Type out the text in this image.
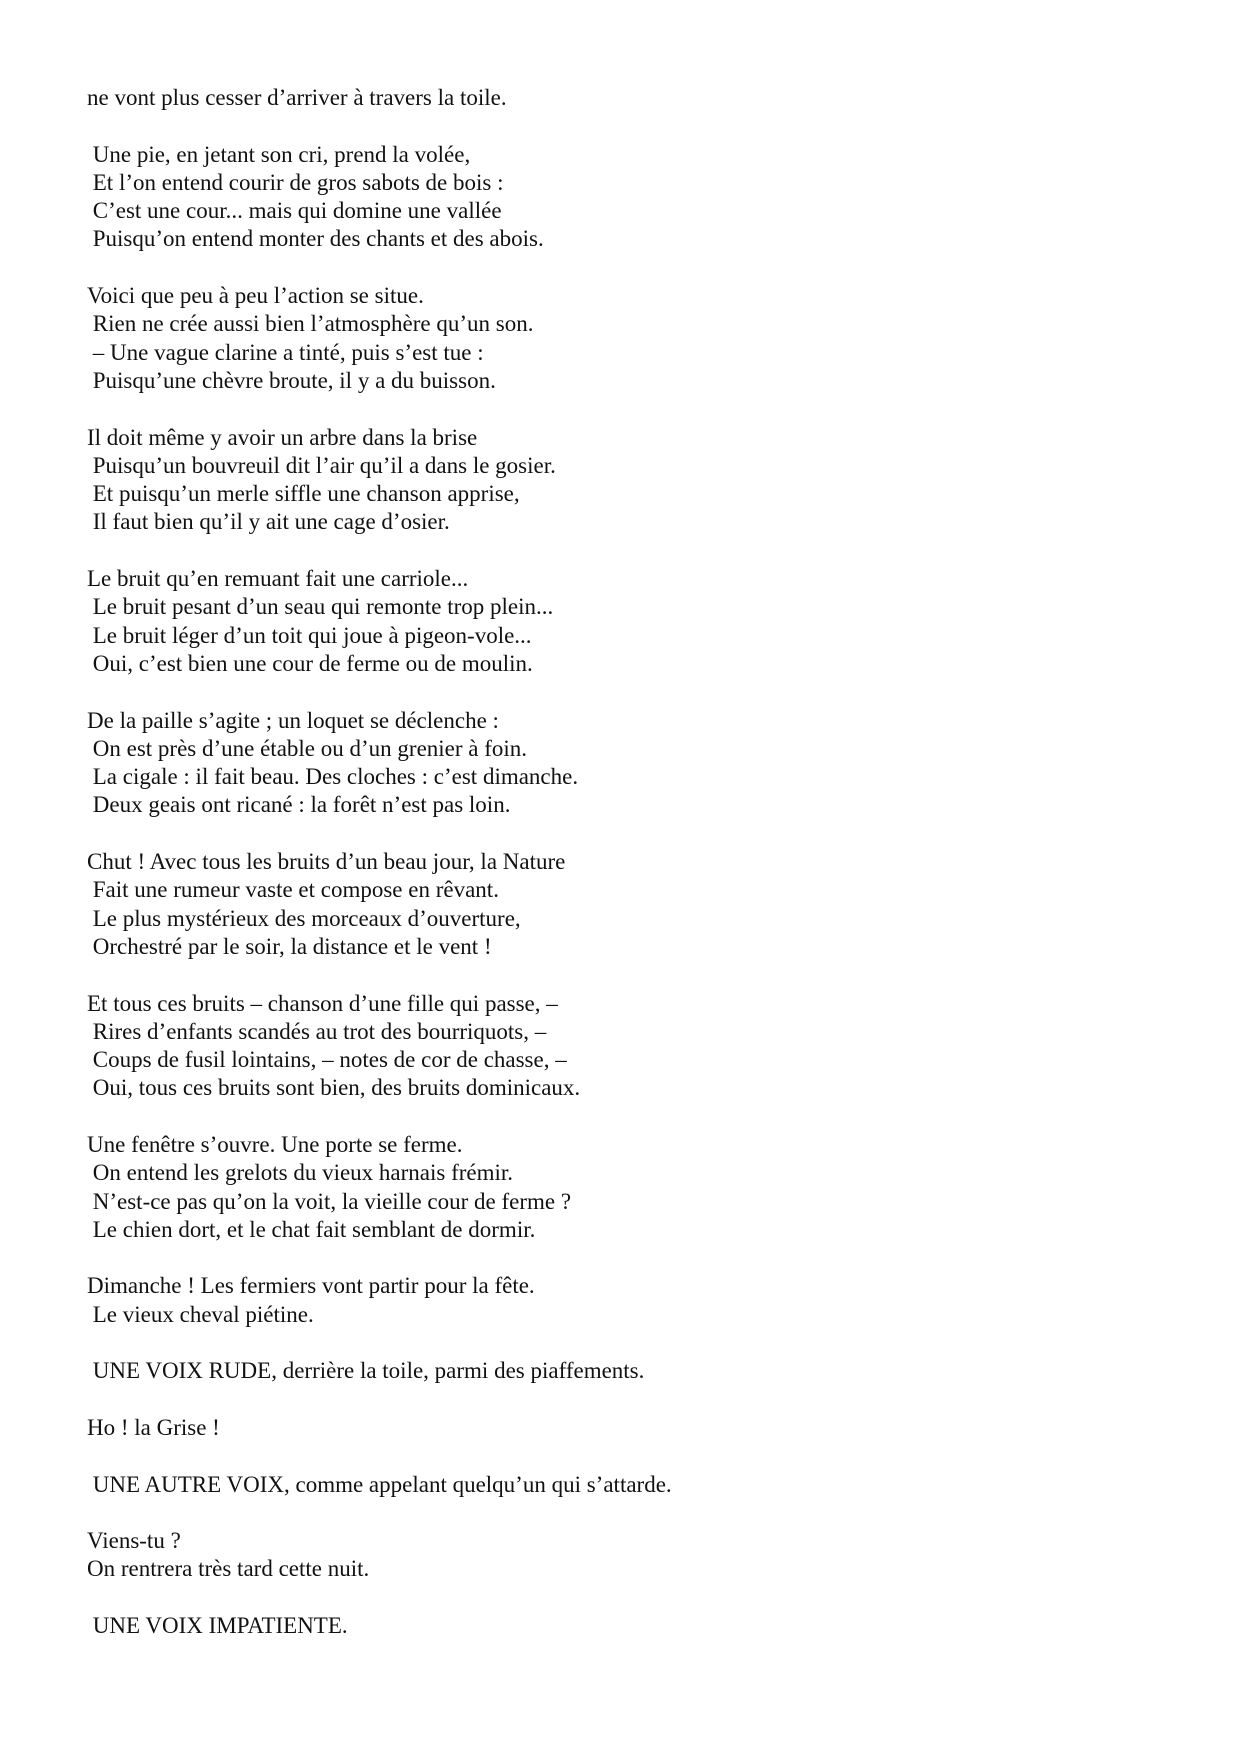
ne vont plus cesser d’arriver à travers la toile.
Une pie, en jetant son cri, prend la volée,
Et l’on entend courir de gros sabots de bois :
C’est une cour... mais qui domine une vallée
Puisqu’on entend monter des chants et des abois.
Voici que peu à peu l’action se situe.
Rien ne crée aussi bien l’atmosphère qu’un son.
– Une vague clarine a tinté, puis s’est tue :
Puisqu’une chèvre broute, il y a du buisson.
Il doit même y avoir un arbre dans la brise
Puisqu’un bouvreuil dit l’air qu’il a dans le gosier.
Et puisqu’un merle siffle une chanson apprise,
Il faut bien qu’il y ait une cage d’osier.
Le bruit qu’en remuant fait une carriole...
Le bruit pesant d’un seau qui remonte trop plein...
Le bruit léger d’un toit qui joue à pigeon-vole...
Oui, c’est bien une cour de ferme ou de moulin.
De la paille s’agite ; un loquet se déclenche :
On est près d’une étable ou d’un grenier à foin.
La cigale : il fait beau. Des cloches : c’est dimanche.
Deux geais ont ricané : la forêt n’est pas loin.
Chut ! Avec tous les bruits d’un beau jour, la Nature
Fait une rumeur vaste et compose en rêvant.
Le plus mystérieux des morceaux d’ouverture,
Orchestré par le soir, la distance et le vent !
Et tous ces bruits – chanson d’une fille qui passe, –
Rires d’enfants scandés au trot des bourriquots, –
Coups de fusil lointains, – notes de cor de chasse, –
Oui, tous ces bruits sont bien, des bruits dominicaux.
Une fenêtre s’ouvre. Une porte se ferme.
On entend les grelots du vieux harnais frémir.
N’est-ce pas qu’on la voit, la vieille cour de ferme ?
Le chien dort, et le chat fait semblant de dormir.
Dimanche ! Les fermiers vont partir pour la fête.
Le vieux cheval piétine.
UNE VOIX RUDE, derrière la toile, parmi des piaffements.
Ho ! la Grise !
UNE AUTRE VOIX, comme appelant quelqu’un qui s’attarde.
Viens-tu ?
On rentrera très tard cette nuit.
UNE VOIX IMPATIENTE.
